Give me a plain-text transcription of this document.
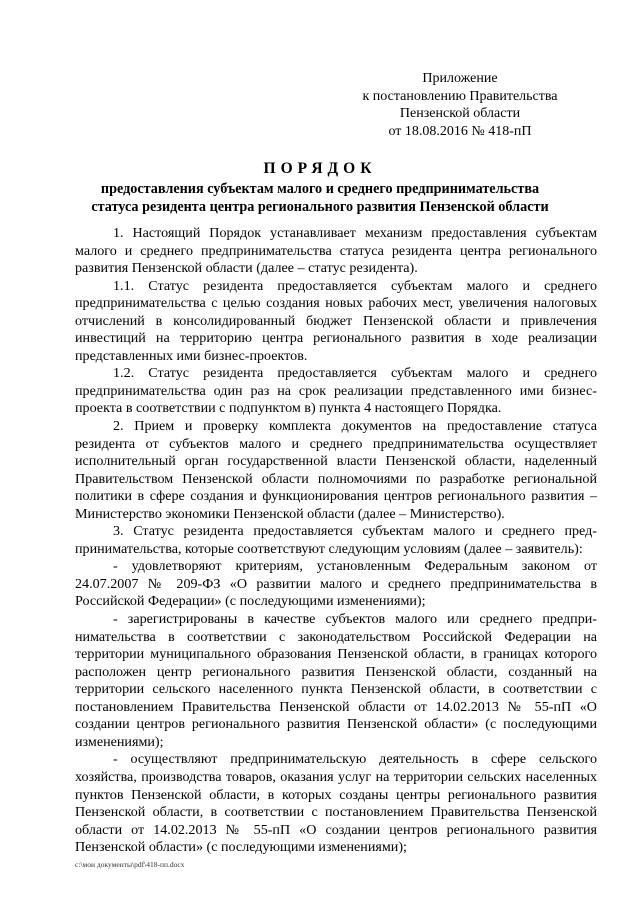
Приложение
к постановлению Правительства
Пензенской области
от 18.08.2016 № 418-пП
ПОРЯДОК
предоставления субъектам малого и среднего предпринимательства
статуса резидента центра регионального развития Пензенской области

1. Настоящий Порядок устанавливает механизм предоставления субъектам малого и среднего предпринимательства статуса резидента центра регионального развития Пензенской области (далее – статус резидента).

1.1. Статус резидента предоставляется субъектам малого и среднего предпринимательства с целью создания новых рабочих мест, увеличения налоговых отчислений в консолидированный бюджет Пензенской области и привлечения инвестиций на территорию центра регионального развития в ходе реализации представленных ими бизнес-проектов.

1.2. Статус резидента предоставляется субъектам малого и среднего предпринимательства один раз на срок реализации представленного ими бизнес-проекта в соответствии с подпунктом в) пункта 4 настоящего Порядка.

2. Прием и проверку комплекта документов на предоставление статуса резидента от субъектов малого и среднего предпринимательства осуществляет исполнительный орган государственной власти Пензенской области, наделенный Правительством Пензенской области полномочиями по разработке региональной политики в сфере создания и функционирования центров регионального развития – Министерство экономики Пензенской области (далее – Министерство).

3. Статус резидента предоставляется субъектам малого и среднего предпринимательства, которые соответствуют следующим условиям (далее – заявитель):

- удовлетворяют критериям, установленным Федеральным законом от 24.07.2007 № 209-ФЗ «О развитии малого и среднего предпринимательства в Российской Федерации» (с последующими изменениями);

- зарегистрированы в качестве субъектов малого или среднего предпринимательства в соответствии с законодательством Российской Федерации на территории муниципального образования Пензенской области, в границах которого расположен центр регионального развития Пензенской области, созданный на территории сельского населенного пункта Пензенской области, в соответствии с постановлением Правительства Пензенской области от 14.02.2013 № 55-пП «О создании центров регионального развития Пензенской области» (с последующими изменениями);

- осуществляют предпринимательскую деятельность в сфере сельского хозяйства, производства товаров, оказания услуг на территории сельских населенных пунктов Пензенской области, в которых созданы центры регионального развития Пензенской области, в соответствии с постановлением Правительства Пензенской области от 14.02.2013 № 55-пП «О создании центров регионального развития Пензенской области» (с последующими изменениями);

c:\мои документы\pdf\418-пп.docx
